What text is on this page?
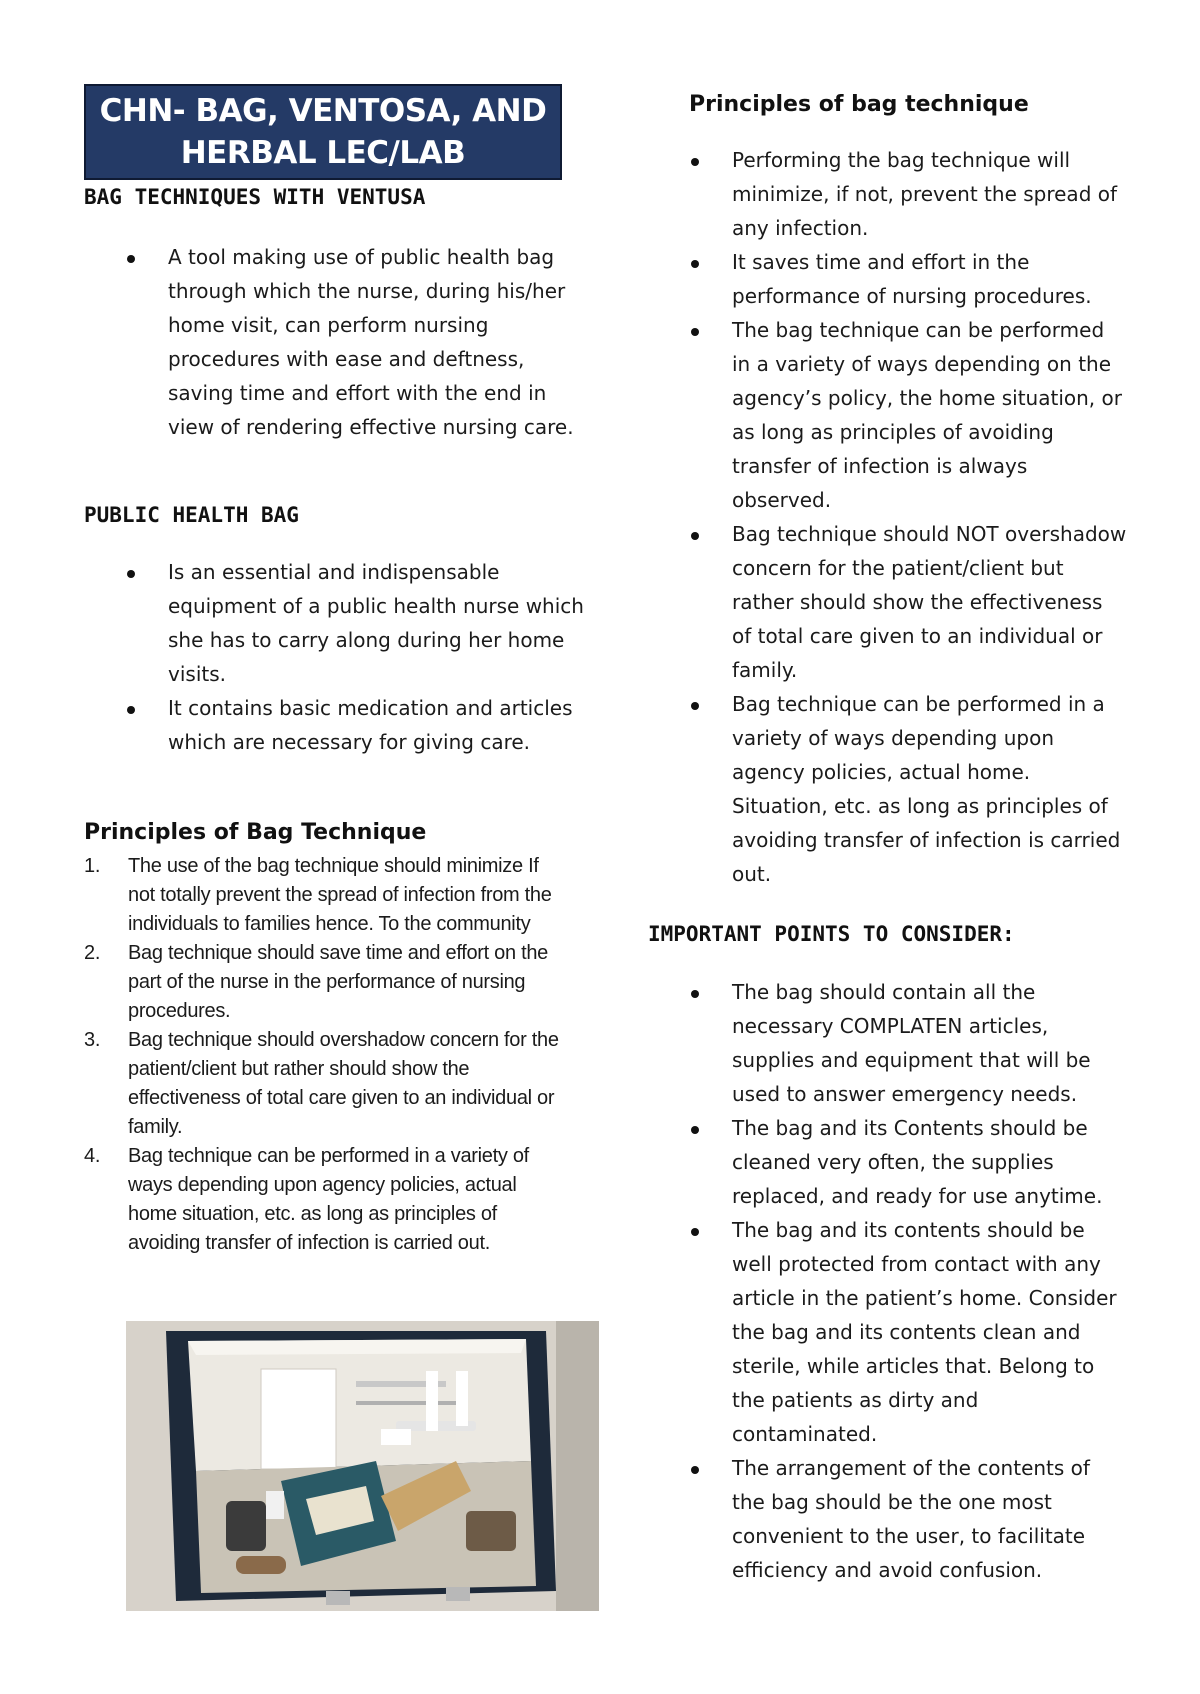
CHN- BAG, VENTOSA, AND
HERBAL LEC/LAB
BAG TECHNIQUES WITH VENTUSA
A tool making use of public health bag through which the nurse, during his/her home visit, can perform nursing procedures with ease and deftness, saving time and effort with the end in view of rendering effective nursing care.
PUBLIC HEALTH BAG
Is an essential and indispensable equipment of a public health nurse which she has to carry along during her home visits.
It contains basic medication and articles which are necessary for giving care.
Principles of Bag Technique
1. The use of the bag technique should minimize If not totally prevent the spread of infection from the individuals to families hence. To the community
2. Bag technique should save time and effort on the part of the nurse in the performance of nursing procedures.
3. Bag technique should overshadow concern for the patient/client but rather should show the effectiveness of total care given to an individual or family.
4. Bag technique can be performed in a variety of ways depending upon agency policies, actual home situation, etc. as long as principles of avoiding transfer of infection is carried out.
Principles of bag technique
Performing the bag technique will minimize, if not, prevent the spread of any infection.
It saves time and effort in the performance of nursing procedures.
The bag technique can be performed in a variety of ways depending on the agency’s policy, the home situation, or as long as principles of avoiding transfer of infection is always observed.
Bag technique should NOT overshadow concern for the patient/client but rather should show the effectiveness of total care given to an individual or family.
Bag technique can be performed in a variety of ways depending upon agency policies, actual home. Situation, etc. as long as principles of avoiding transfer of infection is carried out.
IMPORTANT POINTS TO CONSIDER:
The bag should contain all the necessary COMPLATEN articles, supplies and equipment that will be used to answer emergency needs.
The bag and its Contents should be cleaned very often, the supplies replaced, and ready for use anytime.
The bag and its contents should be well protected from contact with any article in the patient’s home. Consider the bag and its contents clean and sterile, while articles that. Belong to the patients as dirty and contaminated.
The arrangement of the contents of the bag should be the one most convenient to the user, to facilitate efficiency and avoid confusion.
